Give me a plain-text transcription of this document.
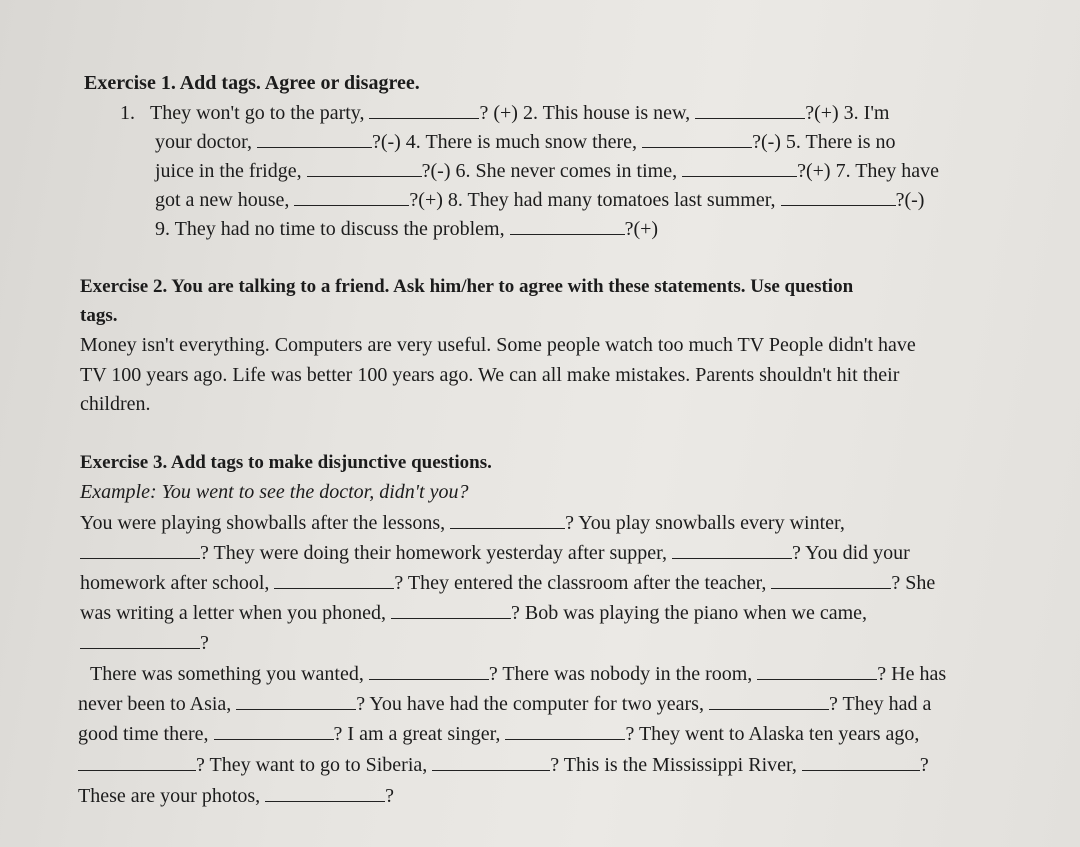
Exercise 1. Add tags. Agree or disagree.
1. They won't go to the party,	? (+) 2. This house is new,	?(+) 3. I'm
your doctor,	?(-) 4. There is much snow there,	?(-) 5. There is no
juice in the fridge,	?(-) 6. She never comes in time,	?(+) 7. They have
got a new house,	?(+) 8. They had many tomatoes last summer,	?(-)
9. They had no time to discuss the problem,	?(+)
Exercise 2. You are talking to a friend. Ask him/her to agree with these statements. Use question
tags.
Money isn't everything. Computers are very useful. Some people watch too much TV People didn't have
TV 100 years ago. Life was better 100 years ago. We can all make mistakes. Parents shouldn't hit their
children.
Exercise 3. Add tags to make disjunctive questions.
Example: You went to see the doctor, didn't you?
You were playing showballs after the lessons,	? You play snowballs every winter,
? They were doing their homework yesterday after supper,	? You did your
homework after school,	? They entered the classroom after the teacher,	? She
was writing a letter when you phoned,	? Bob was playing the piano when we came,
?
There was something you wanted,	? There was nobody in the room,	? He has
never been to Asia,	? You have had the computer for two years,	? They had a
good time there,	? I am a great singer,	? They went to Alaska ten years ago,
? They want to go to Siberia,	? This is the Mississippi River,	?
These are your photos,	?
